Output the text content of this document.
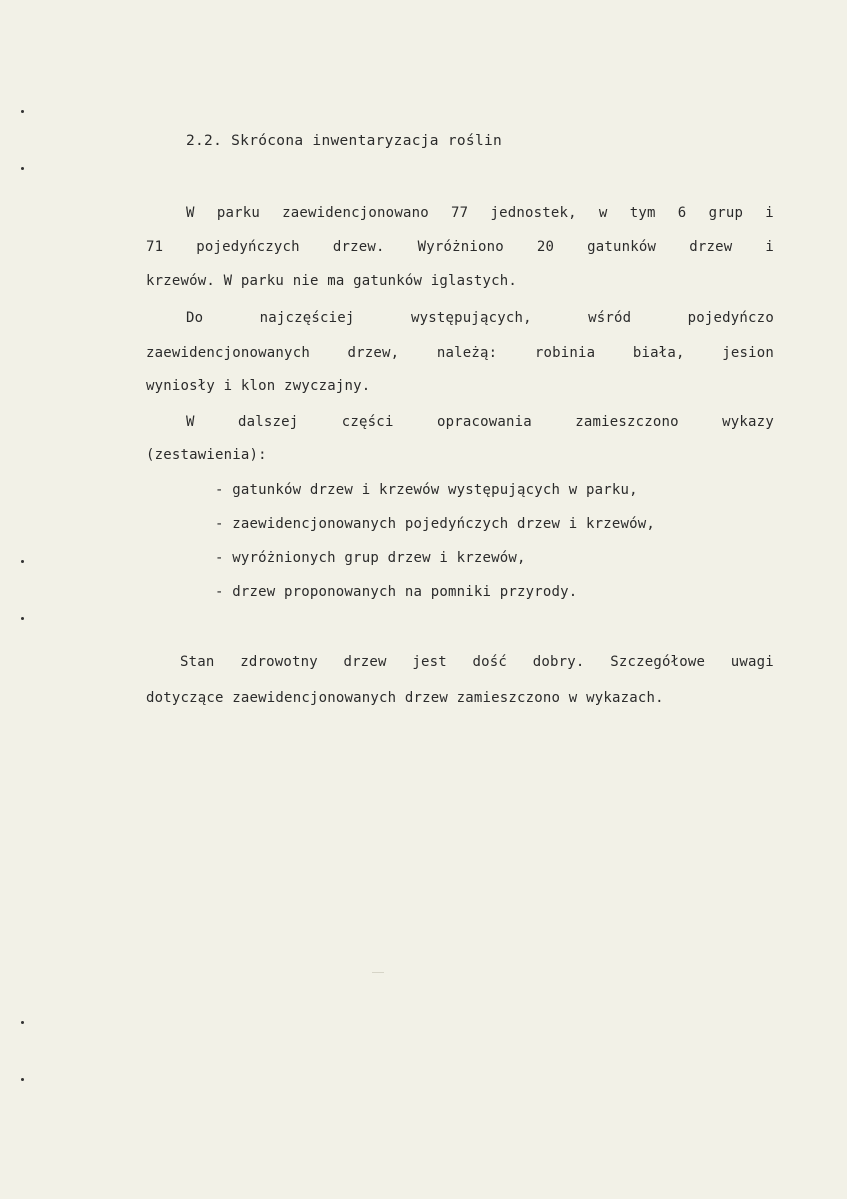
2.2. Skrócona inwentaryzacja roślin
W parku zaewidencjonowano 77 jednostek, w tym 6 grup i
71 pojedyńczych drzew. Wyróżniono 20 gatunków drzew i
krzewów. W parku nie ma gatunków iglastych.
Do	najczęściej	występujących,	wśród	pojedyńczo
zaewidencjonowanych	drzew,	należą:	robinia	biała,	jesion
wyniosły i klon zwyczajny.
W	dalszej	części	opracowania	zamieszczono	wykazy
(zestawienia):
- gatunków drzew i krzewów występujących w parku,
- zaewidencjonowanych pojedyńczych drzew i krzewów,
- wyróżnionych grup drzew i krzewów,
- drzew proponowanych na pomniki przyrody.
Stan zdrowotny drzew jest dość dobry. Szczegółowe uwagi
dotyczące zaewidencjonowanych drzew zamieszczono w wykazach.
